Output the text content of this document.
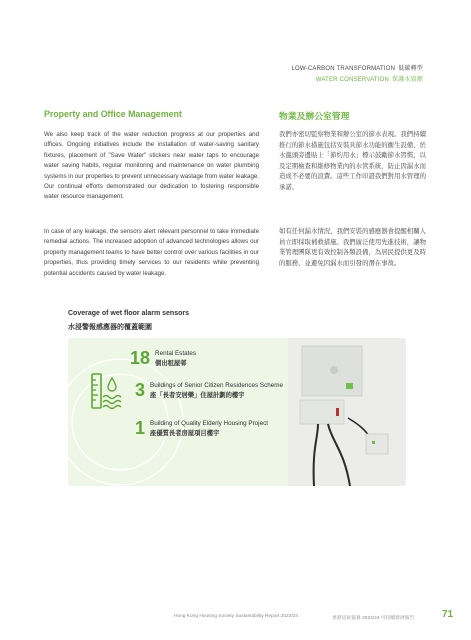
LOW-CARBON TRANSFORMATION 低碳轉型
WATER CONSERVATION 保護水資源
Property and Office Management	物業及辦公室管理

We also keep track of the water reduction progress at our properties and offices. Ongoing initiatives include the installation of water-saving sanitary fixtures, placement of "Save Water" stickers near water taps to encourage water saving habits, regular monitoring and maintenance on water plumbing systems in our properties to prevent unnecessary wastage from water leakage. Our continual efforts demonstrated our dedication to fostering responsible water resource management.

In case of any leakage, the sensors alert relevant personnel to take immediate remedial actions. The increased adoption of advanced technologies allows our property management teams to have better control over various facilities in our properties, thus providing timely services to our residents while preventing potential accidents caused by water leakage.

我們亦密切監察物業和辦公室的節水表現。我們持續推行的節水措施包括安裝具節水功能的衞生設備、於水龍頭旁邊貼上「節約用水」標示鼓勵節水習慣，以及定期檢查和維修物業內的水管系統，防止因漏水而造成不必要的浪費。這些工作印證我們對用水管理的承諾。

如有任何漏水情況，我們安裝的感應器會提醒相關人員立即採取補救措施。我們廣泛使用先進技術，讓物業管理團隊更有效控制各類設備，為居民提供更及時的服務，並避免因漏水而引發的潛在事故。

Coverage of wet floor alarm sensors
水浸警報感應器的覆蓋範圍
18 Rental Estates
個出租屋邨
3 Buildings of Senior Citizen Residences Scheme
座「長者安居樂」住屋計劃的樓宇
1 Building of Quality Elderly Housing Project
座優質長者房屋項目樓宇
Hong Kong Housing Society Sustainability Report 2023/24	香港房屋協會 2023/24 可持續發展報告	71
